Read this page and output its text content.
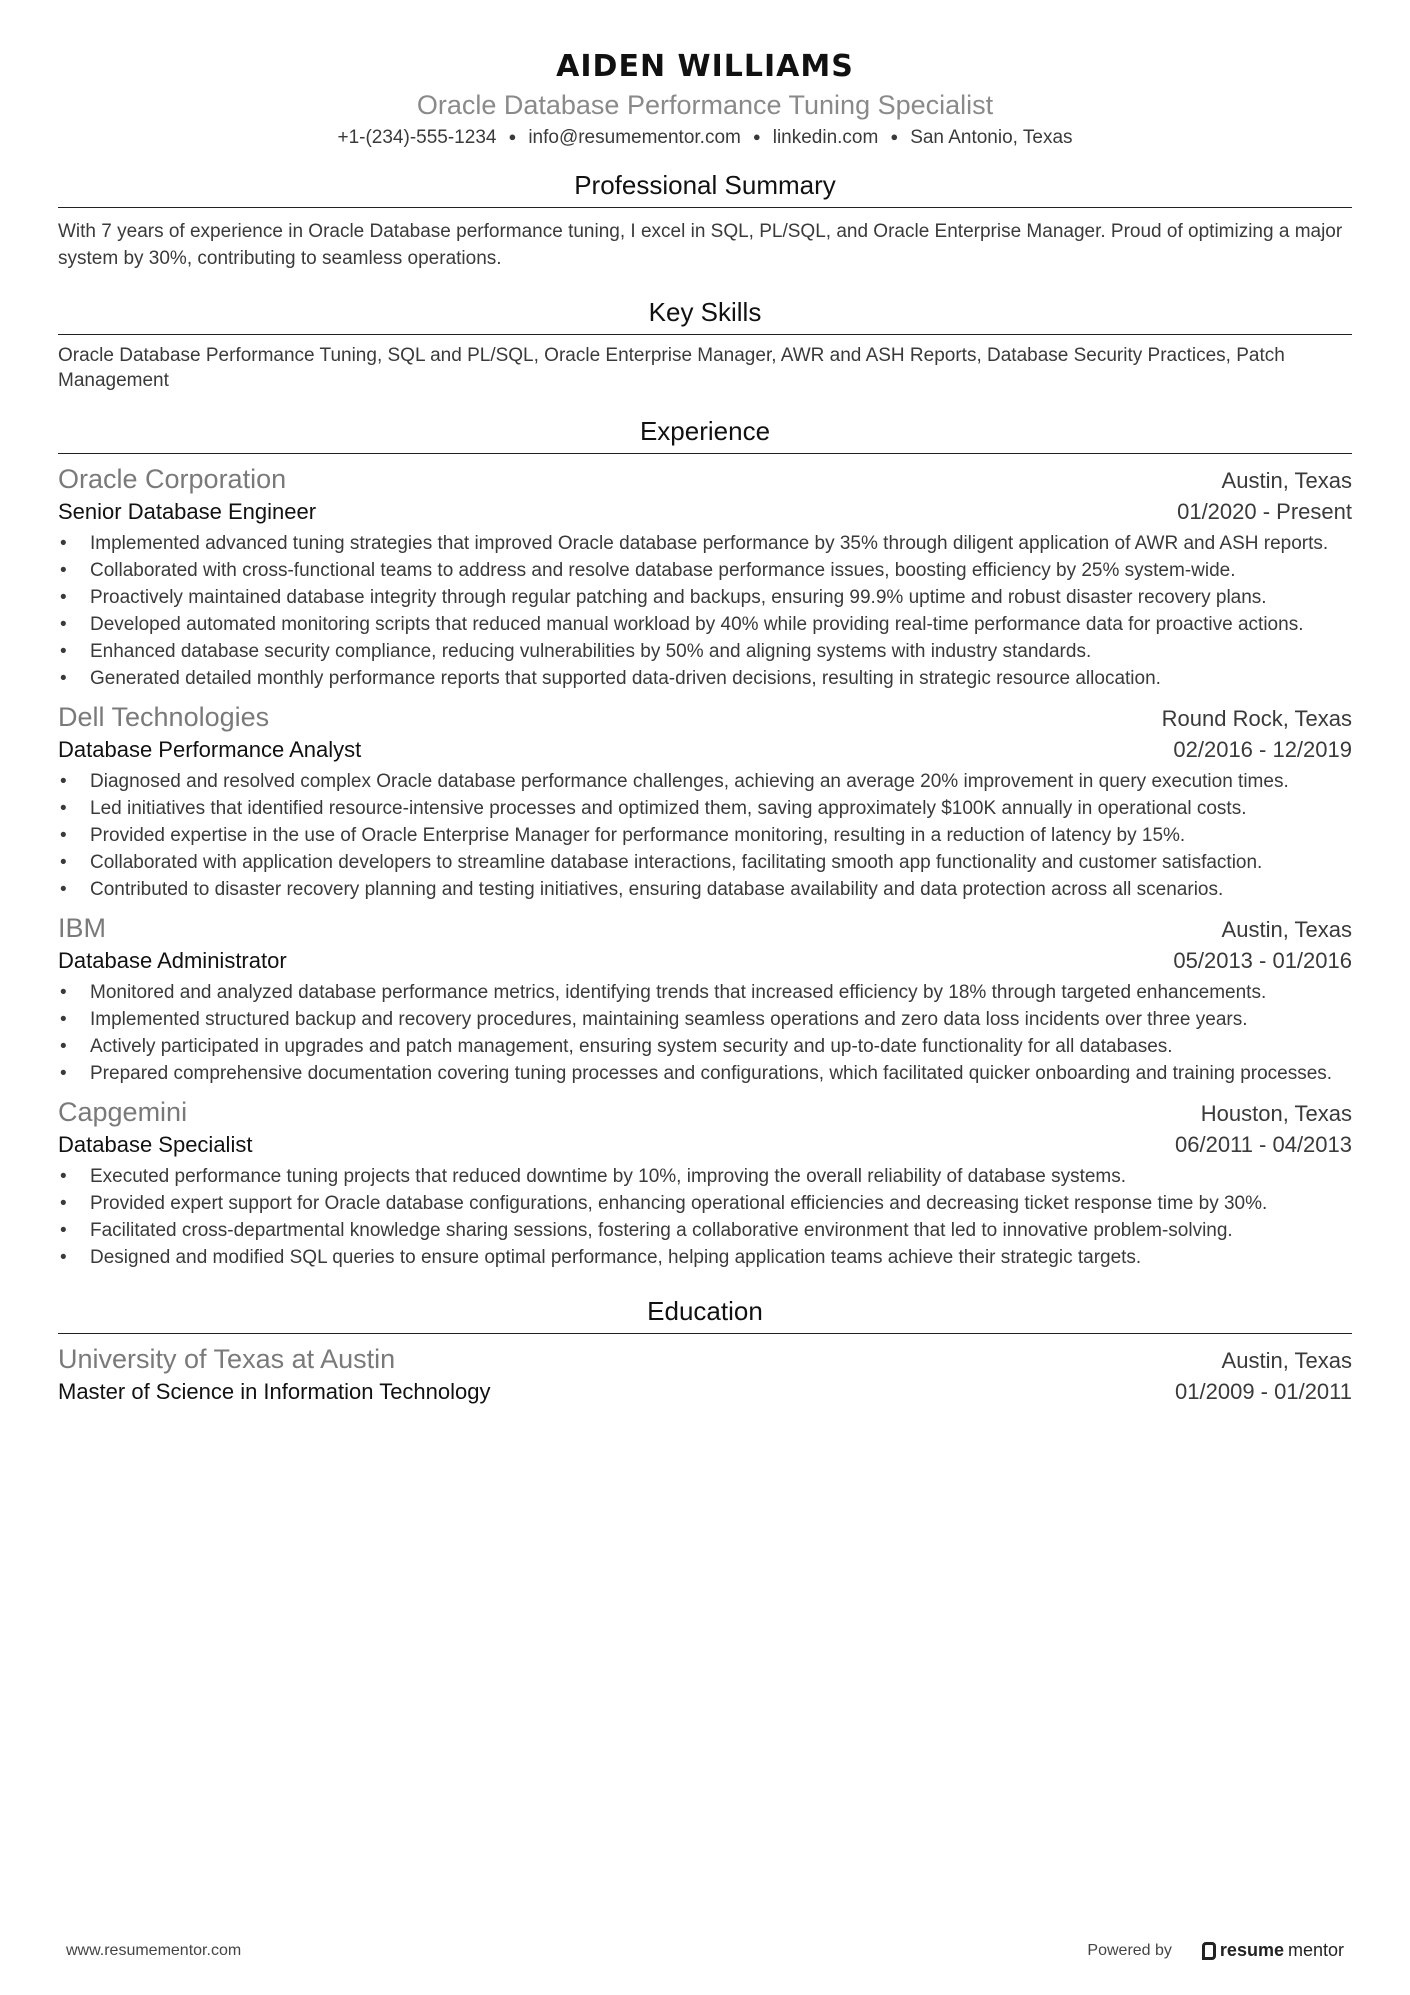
AIDEN WILLIAMS
Oracle Database Performance Tuning Specialist
+1-(234)-555-1234 ● info@resumementor.com ● linkedin.com ● San Antonio, Texas
Professional Summary
With 7 years of experience in Oracle Database performance tuning, I excel in SQL, PL/SQL, and Oracle Enterprise Manager. Proud of optimizing a major system by 30%, contributing to seamless operations.
Key Skills
Oracle Database Performance Tuning, SQL and PL/SQL, Oracle Enterprise Manager, AWR and ASH Reports, Database Security Practices, Patch Management
Experience
Oracle Corporation	Austin, Texas
Senior Database Engineer	01/2020 - Present
• Implemented advanced tuning strategies that improved Oracle database performance by 35% through diligent application of AWR and ASH reports.
• Collaborated with cross-functional teams to address and resolve database performance issues, boosting efficiency by 25% system-wide.
• Proactively maintained database integrity through regular patching and backups, ensuring 99.9% uptime and robust disaster recovery plans.
• Developed automated monitoring scripts that reduced manual workload by 40% while providing real-time performance data for proactive actions.
• Enhanced database security compliance, reducing vulnerabilities by 50% and aligning systems with industry standards.
• Generated detailed monthly performance reports that supported data-driven decisions, resulting in strategic resource allocation.
Dell Technologies	Round Rock, Texas
Database Performance Analyst	02/2016 - 12/2019
• Diagnosed and resolved complex Oracle database performance challenges, achieving an average 20% improvement in query execution times.
• Led initiatives that identified resource-intensive processes and optimized them, saving approximately $100K annually in operational costs.
• Provided expertise in the use of Oracle Enterprise Manager for performance monitoring, resulting in a reduction of latency by 15%.
• Collaborated with application developers to streamline database interactions, facilitating smooth app functionality and customer satisfaction.
• Contributed to disaster recovery planning and testing initiatives, ensuring database availability and data protection across all scenarios.
IBM	Austin, Texas
Database Administrator	05/2013 - 01/2016
• Monitored and analyzed database performance metrics, identifying trends that increased efficiency by 18% through targeted enhancements.
• Implemented structured backup and recovery procedures, maintaining seamless operations and zero data loss incidents over three years.
• Actively participated in upgrades and patch management, ensuring system security and up-to-date functionality for all databases.
• Prepared comprehensive documentation covering tuning processes and configurations, which facilitated quicker onboarding and training processes.
Capgemini	Houston, Texas
Database Specialist	06/2011 - 04/2013
• Executed performance tuning projects that reduced downtime by 10%, improving the overall reliability of database systems.
• Provided expert support for Oracle database configurations, enhancing operational efficiencies and decreasing ticket response time by 30%.
• Facilitated cross-departmental knowledge sharing sessions, fostering a collaborative environment that led to innovative problem-solving.
• Designed and modified SQL queries to ensure optimal performance, helping application teams achieve their strategic targets.
Education
University of Texas at Austin	Austin, Texas
Master of Science in Information Technology	01/2009 - 01/2011
www.resumementor.com	Powered by	resume mentor
